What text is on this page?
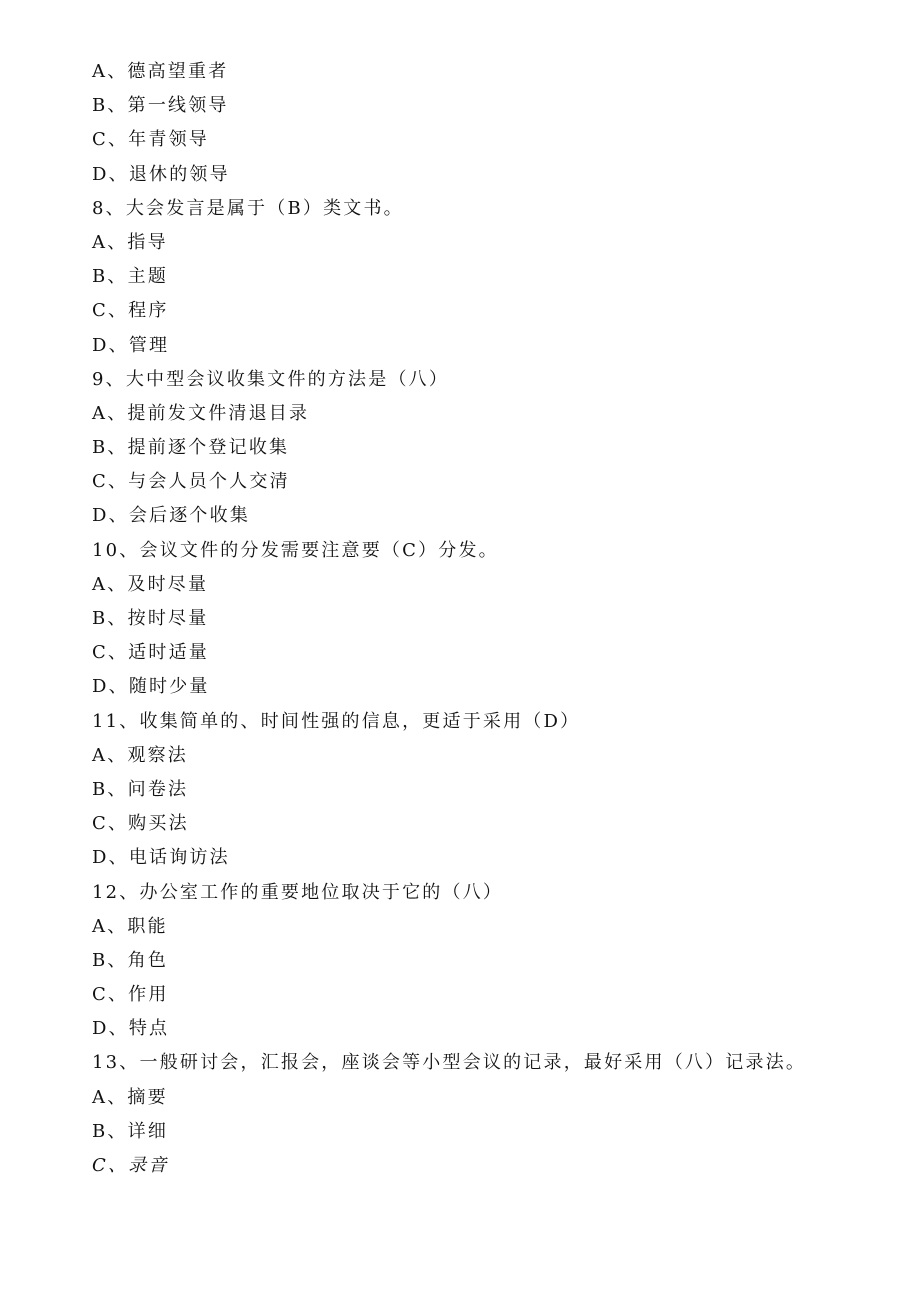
A、德高望重者
B、第一线领导
C、年青领导
D、退休的领导
8、大会发言是属于（B）类文书。
A、指导
B、主题
C、程序
D、管理
9、大中型会议收集文件的方法是（八）
A、提前发文件清退目录
B、提前逐个登记收集
C、与会人员个人交清
D、会后逐个收集
10、会议文件的分发需要注意要（C）分发。
A、及时尽量
B、按时尽量
C、适时适量
D、随时少量
11、收集简单的、时间性强的信息，更适于采用（D）
A、观察法
B、问卷法
C、购买法
D、电话询访法
12、办公室工作的重要地位取决于它的（八）
A、职能
B、角色
C、作用
D、特点
13、一般研讨会，汇报会，座谈会等小型会议的记录，最好采用（八）记录法。
A、摘要
B、详细
C、录音
